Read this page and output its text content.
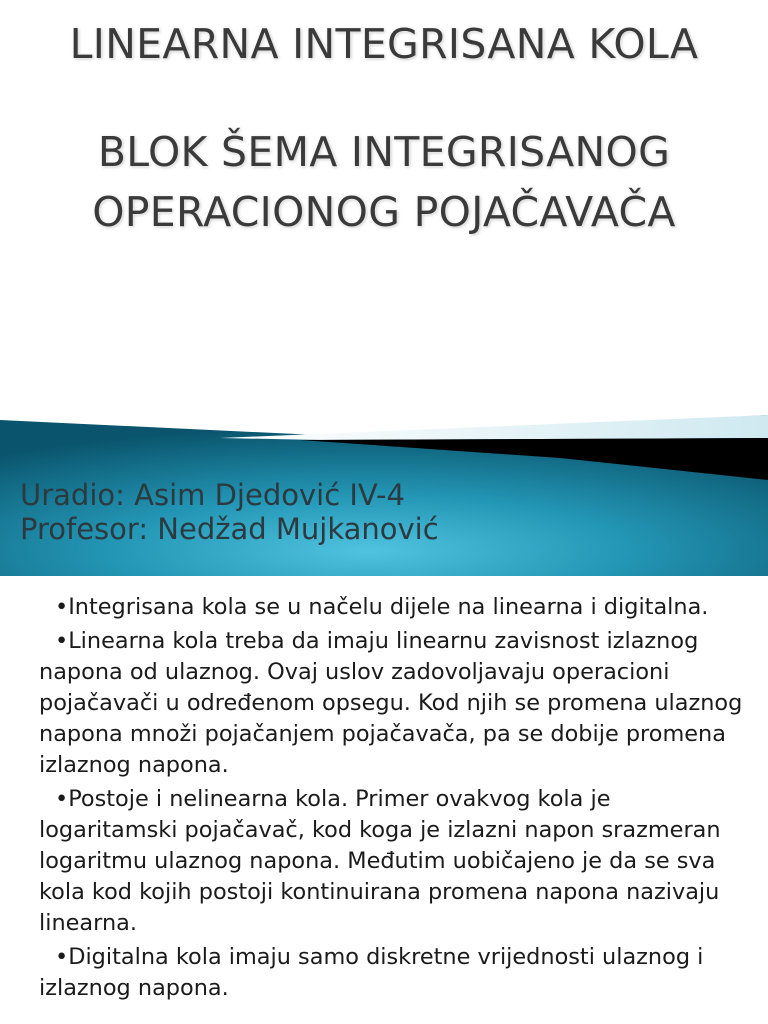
LINEARNA INTEGRISANA KOLA
BLOK ŠEMA INTEGRISANOG
OPERACIONOG POJAČAVAČA
Uradio: Asim Djedović IV-4
Profesor: Nedžad Mujkanović

•Integrisana kola se u načelu dijele na linearna i digitalna.

•Linearna kola treba da imaju linearnu zavisnost izlaznog napona od ulaznog. Ovaj uslov zadovoljavaju operacioni pojačavači u određenom opsegu. Kod njih se promena ulaznog napona množi pojačanjem pojačavača, pa se dobije promena izlaznog napona.

•Postoje i nelinearna kola. Primer ovakvog kola je logaritamski pojačavač, kod koga je izlazni napon srazmeran logaritmu ulaznog napona. Međutim uobičajeno je da se sva kola kod kojih postoji kontinuirana promena napona nazivaju linearna.

•Digitalna kola imaju samo diskretne vrijednosti ulaznog i izlaznog napona.
